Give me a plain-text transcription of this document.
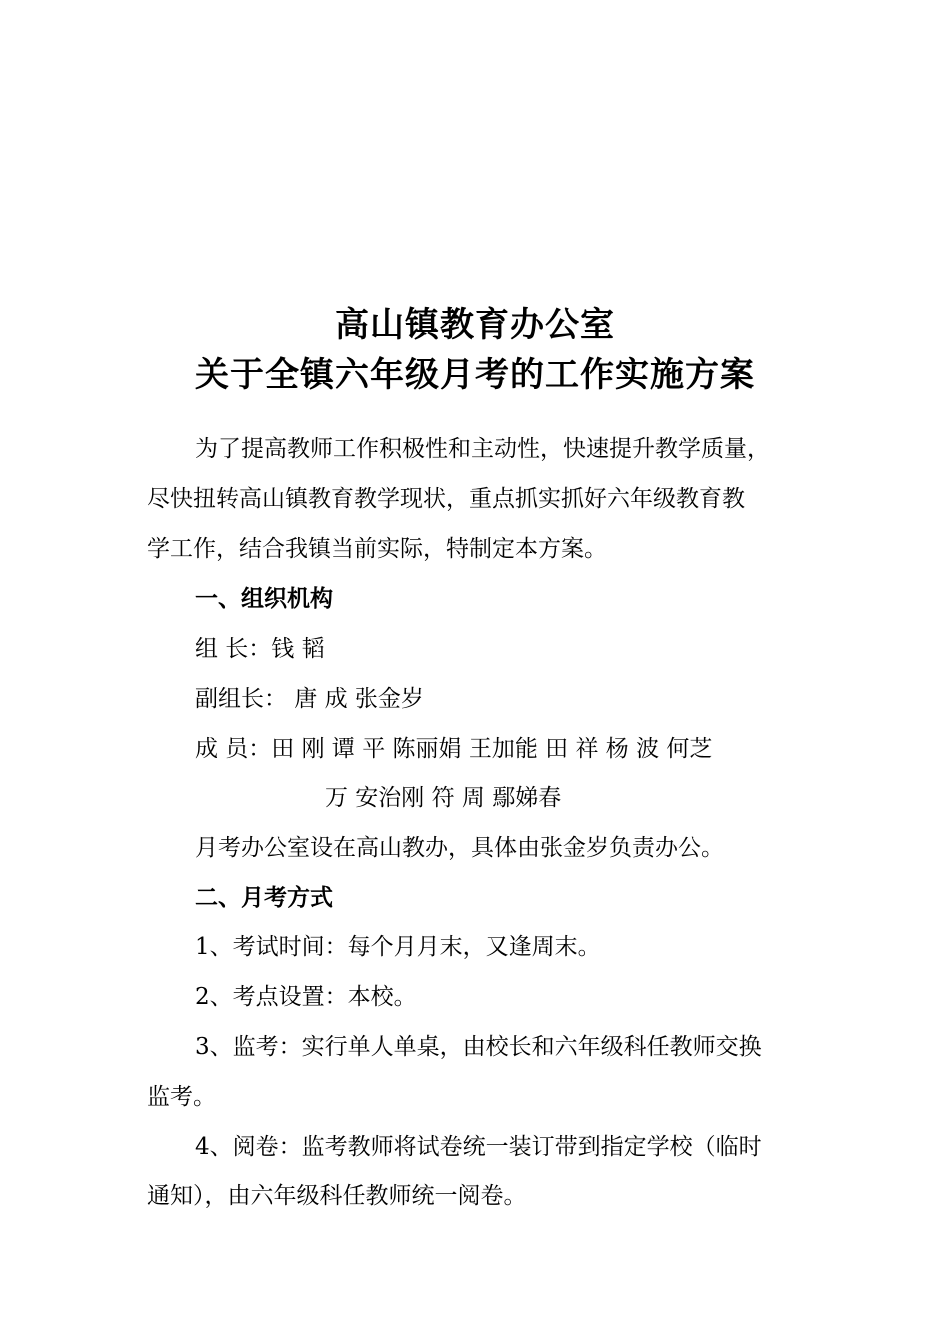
高山镇教育办公室
关于全镇六年级月考的工作实施方案
为了提高教师工作积极性和主动性，快速提升教学质量，
尽快扭转高山镇教育教学现状，重点抓实抓好六年级教育教
学工作，结合我镇当前实际，特制定本方案。
一、组织机构
组 长：钱 韬
副组长： 唐 成 张金岁
成 员：田 刚 谭 平 陈丽娟 王加能 田 祥 杨 波 何芝
万 安治刚 符 周 鄢娣春
月考办公室设在高山教办，具体由张金岁负责办公。
二、月考方式
1、考试时间：每个月月末，又逢周末。
2、考点设置：本校。
3、监考：实行单人单桌，由校长和六年级科任教师交换
监考。
4、阅卷：监考教师将试卷统一装订带到指定学校（临时
通知），由六年级科任教师统一阅卷。
